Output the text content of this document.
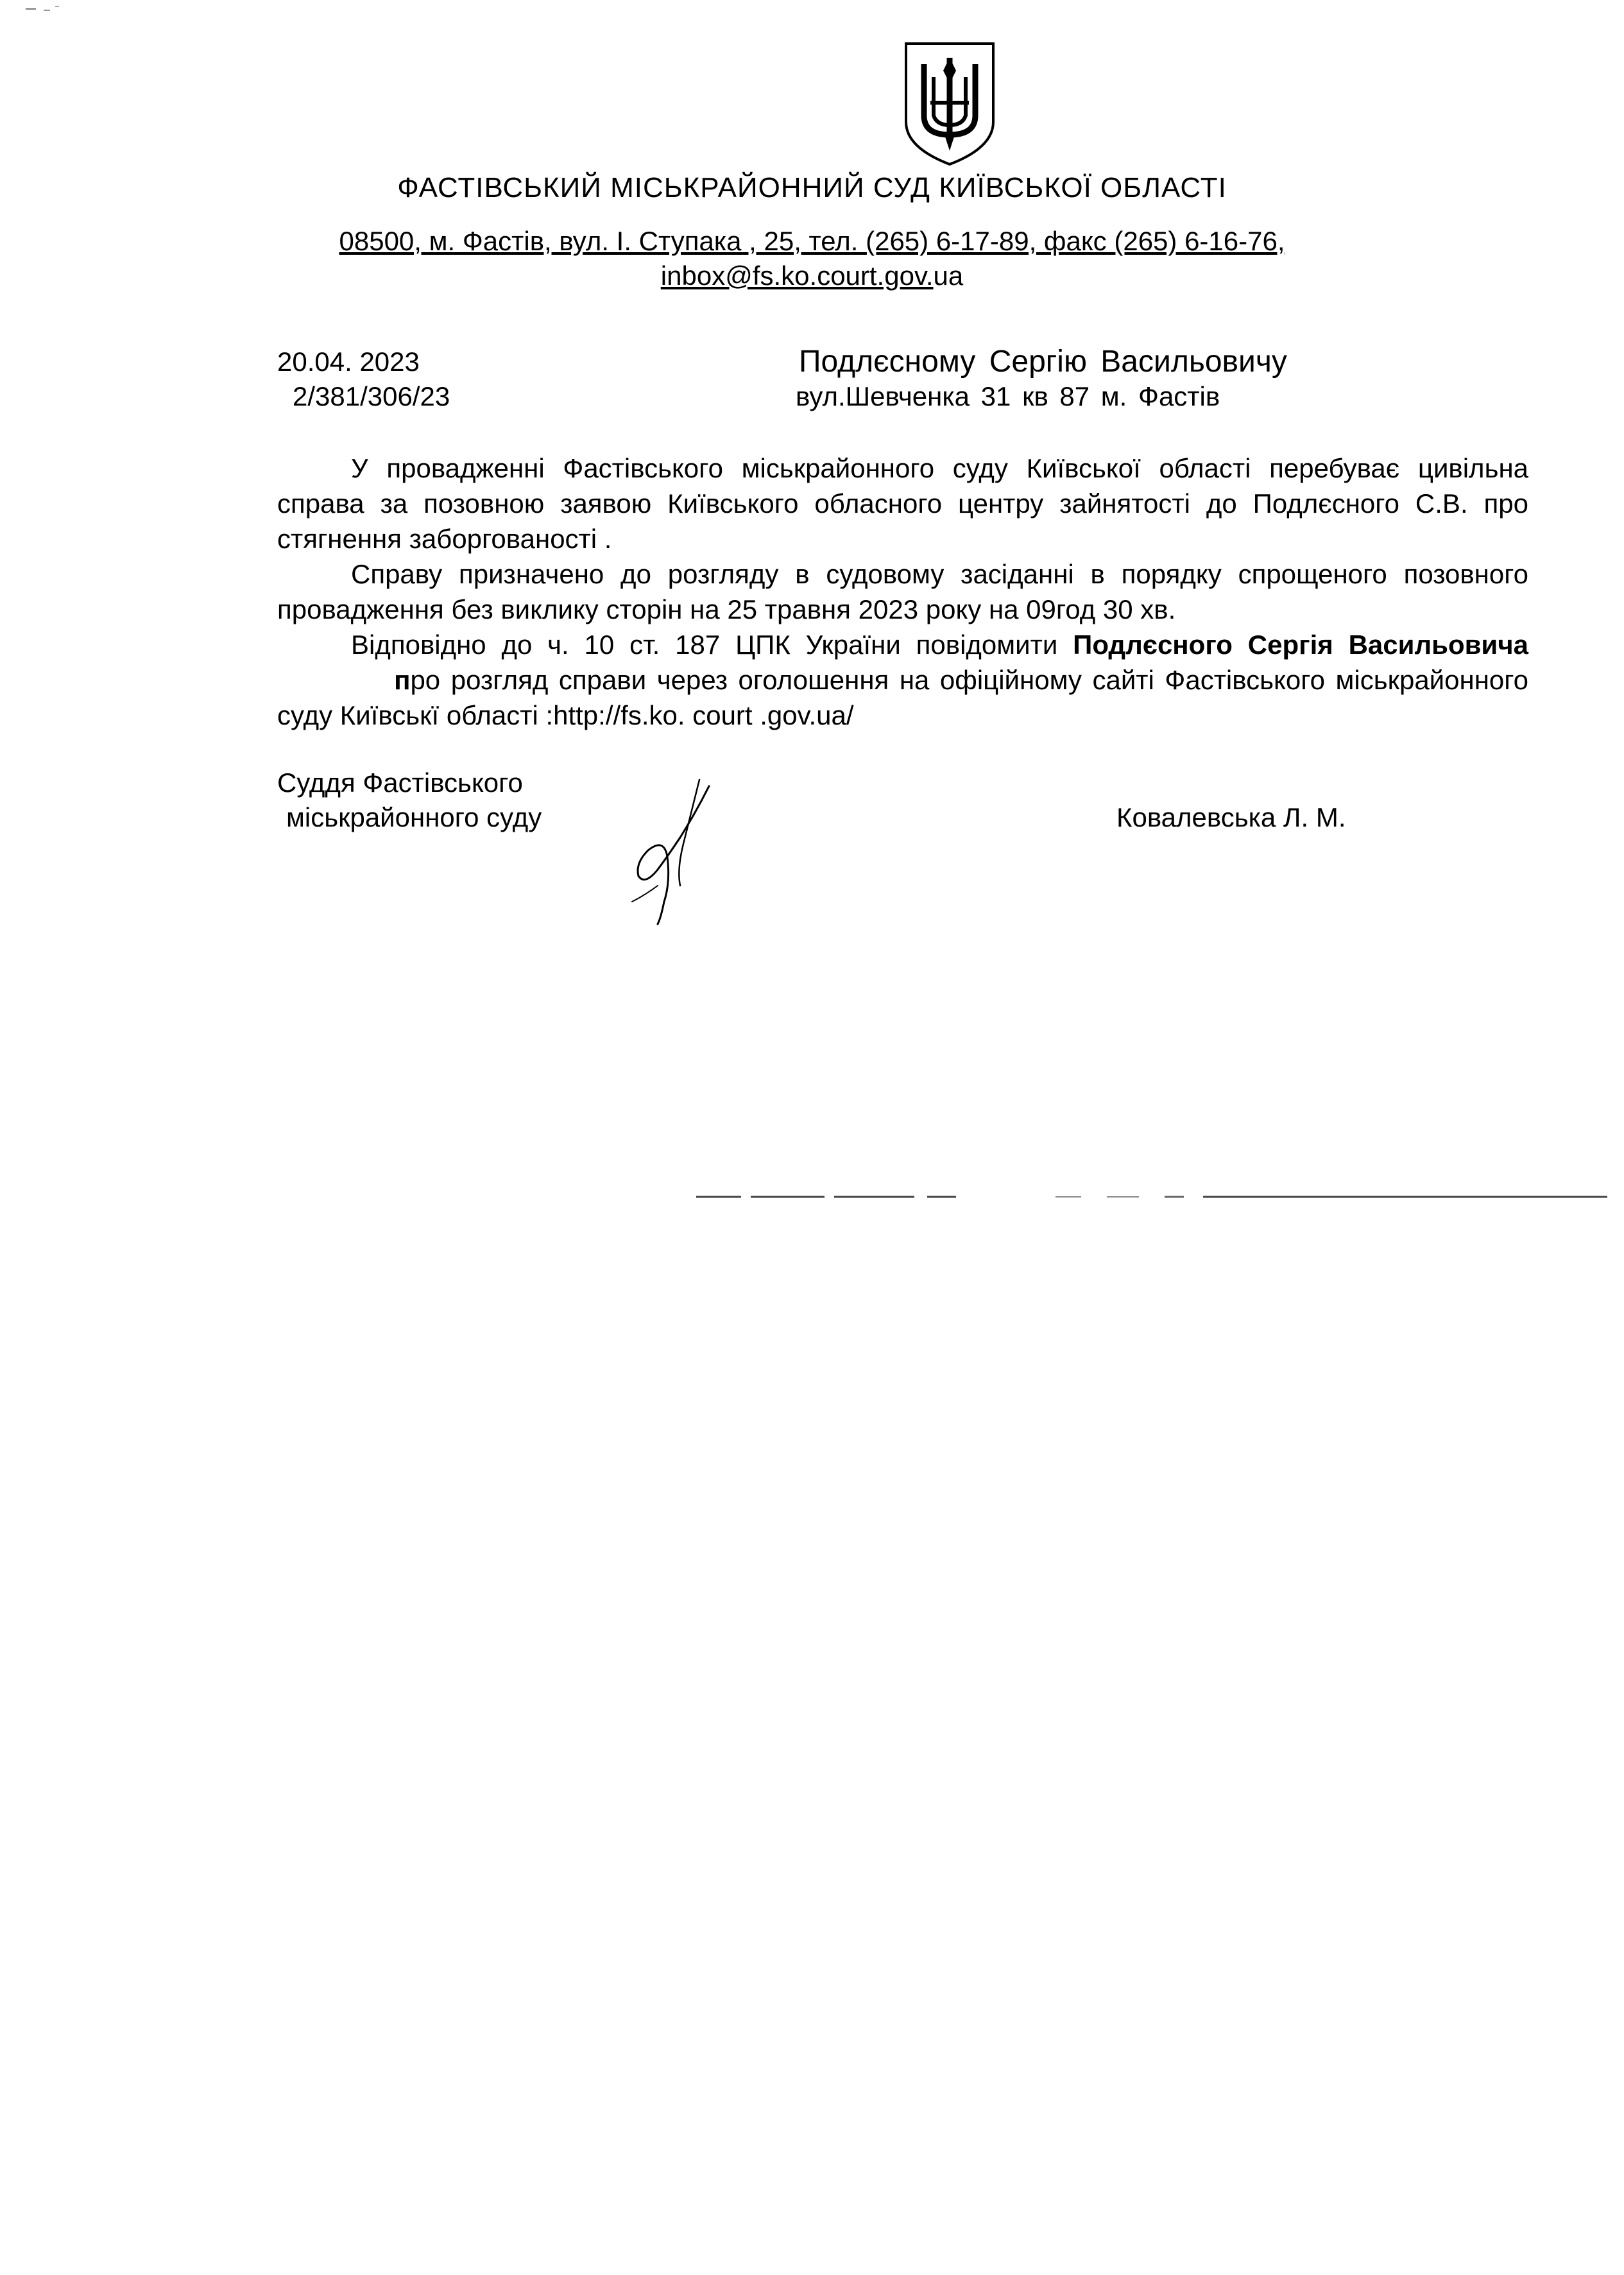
ФАСТІВСЬКИЙ МІСЬКРАЙОННИЙ СУД КИЇВСЬКОЇ ОБЛАСТІ
08500, м. Фастів, вул. І. Ступака , 25, тел. (265) 6-17-89, факс (265) 6-16-76,
inbox@fs.ko.court.gov.ua
20.04. 2023
2/381/306/23
Подлєсному Сергію Васильовичу
вул.Шевченка 31 кв 87 м. Фастів

У провадженні Фастівського міськрайонного суду Київської області перебуває цивільна справа за позовною заявою Київського обласного центру зайнятості до Подлєсного С.В. про стягнення заборгованості .

Справу призначено до розгляду в судовому засіданні в порядку спрощеного позовного провадження без виклику сторін на 25 травня 2023 року на 09год 30 хв.

Відповідно до ч. 10 ст. 187 ЦПК України повідомити Подлєсного Сергія Васильовича           про розгляд справи через оголошення на офіційному сайті Фастівського міськрайонного суду Київськї області :http://fs.ko. court .gov.ua/

Суддя Фастівського
міськрайонного суду	Ковалевська Л. М.
